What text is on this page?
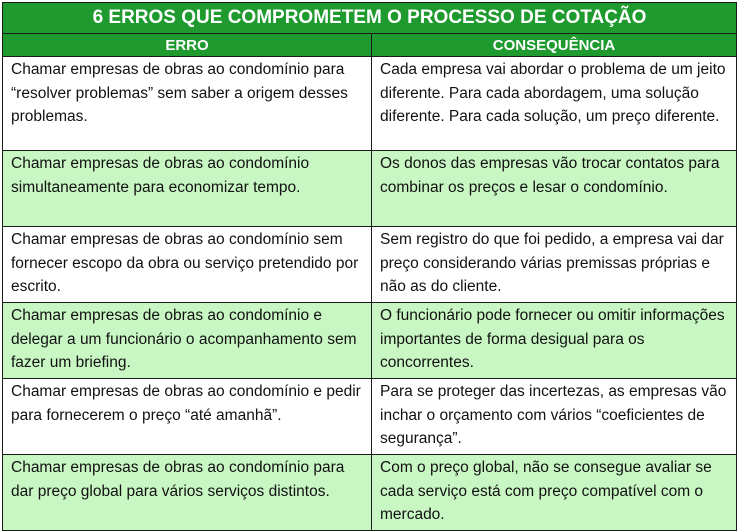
6 ERROS QUE COMPROMETEM O PROCESSO DE COTAÇÃO	
ERRO	CONSEQUÊNCIA
Chamar empresas de obras ao condomínio para “resolver problemas” sem saber a origem desses problemas.	Cada empresa vai abordar o problema de um jeito diferente. Para cada abordagem, uma solução diferente. Para cada solução, um preço diferente.
Chamar empresas de obras ao condomínio simultaneamente para economizar tempo.	Os donos das empresas vão trocar contatos para combinar os preços e lesar o condomínio.
Chamar empresas de obras ao condomínio sem fornecer escopo da obra ou serviço pretendido por escrito.	Sem registro do que foi pedido, a empresa vai dar preço considerando várias premissas próprias e não as do cliente.
Chamar empresas de obras ao condomínio e delegar a um funcionário o acompanhamento sem fazer um briefing.	O funcionário pode fornecer ou omitir informações importantes de forma desigual para os concorrentes.
Chamar empresas de obras ao condomínio e pedir para fornecerem o preço “até amanhã”.	Para se proteger das incertezas, as empresas vão inchar o orçamento com vários “coeficientes de segurança”.
Chamar empresas de obras ao condomínio para dar preço global para vários serviços distintos.	Com o preço global, não se consegue avaliar se cada serviço está com preço compatível com o mercado.
